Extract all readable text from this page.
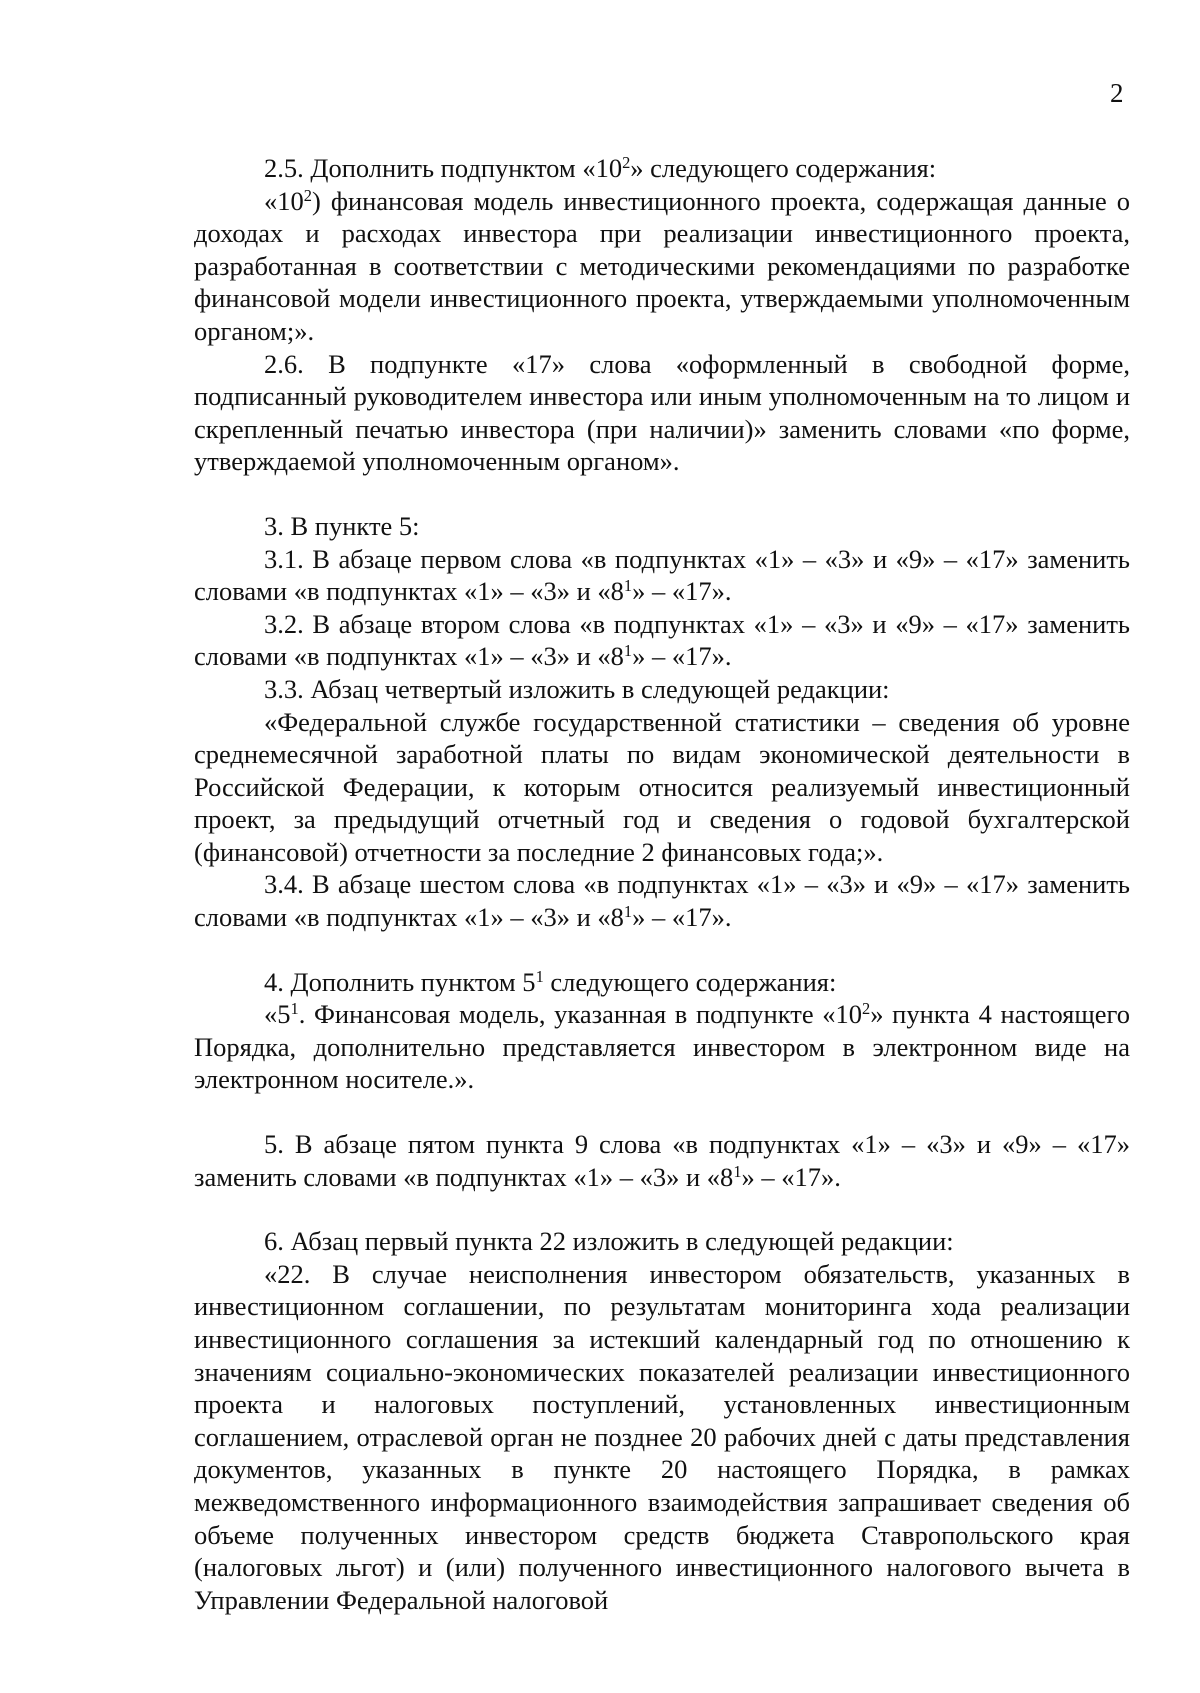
2

2.5. Дополнить подпунктом «$10^2$» следующего содержания:

«$10^2$) финансовая модель инвестиционного проекта, содержащая данные о доходах и расходах инвестора при реализации инвестиционного проекта, разработанная в соответствии с методическими рекомендациями по разработке финансовой модели инвестиционного проекта, утверждаемыми уполномоченным органом;».

2.6. В подпункте «17» слова «оформленный в свободной форме, подписанный руководителем инвестора или иным уполномоченным на то лицом и скрепленный печатью инвестора (при наличии)» заменить словами «по форме, утверждаемой уполномоченным органом».

3. В пункте 5:

3.1. В абзаце первом слова «в подпунктах «1» – «3» и «9» – «17» заменить словами «в подпунктах «1» – «3» и «$8^1$» – «17».

3.2. В абзаце втором слова «в подпунктах «1» – «3» и «9» – «17» заменить словами «в подпунктах «1» – «3» и «$8^1$» – «17».

3.3. Абзац четвертый изложить в следующей редакции:

«Федеральной службе государственной статистики – сведения об уровне среднемесячной заработной платы по видам экономической деятельности в Российской Федерации, к которым относится реализуемый инвестиционный проект, за предыдущий отчетный год и сведения о годовой бухгалтерской (финансовой) отчетности за последние 2 финансовых года;».

3.4. В абзаце шестом слова «в подпунктах «1» – «3» и «9» – «17» заменить словами «в подпунктах «1» – «3» и «$8^1$» – «17».

4. Дополнить пунктом $5^1$ следующего содержания:

«$5^1$. Финансовая модель, указанная в подпункте «$10^2$» пункта 4 настоящего Порядка, дополнительно представляется инвестором в электронном виде на электронном носителе.».

5. В абзаце пятом пункта 9 слова «в подпунктах «1» – «3» и «9» – «17» заменить словами «в подпунктах «1» – «3» и «$8^1$» – «17».

6. Абзац первый пункта 22 изложить в следующей редакции:

«22. В случае неисполнения инвестором обязательств, указанных в инвестиционном соглашении, по результатам мониторинга хода реализации инвестиционного соглашения за истекший календарный год по отношению к значениям социально-экономических показателей реализации инвестиционного проекта и налоговых поступлений, установленных инвестиционным соглашением, отраслевой орган не позднее 20 рабочих дней с даты представления документов, указанных в пункте 20 настоящего Порядка, в рамках межведомственного информационного взаимодействия запрашивает сведения об объеме полученных инвестором средств бюджета Ставропольского края (налоговых льгот) и (или) полученного инвестиционного налогового вычета в Управлении Федеральной налоговой
